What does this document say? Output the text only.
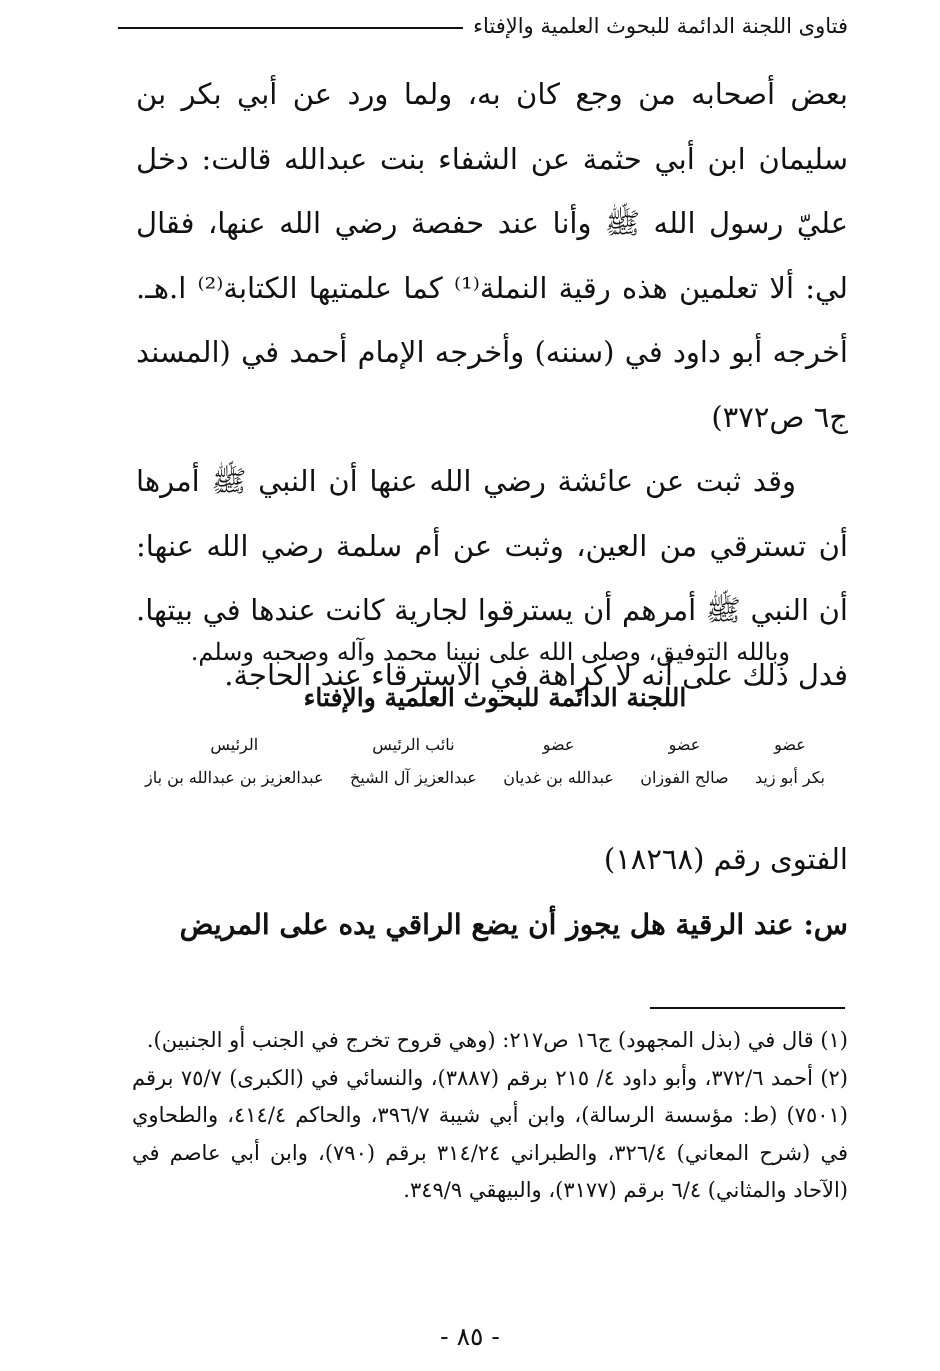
فتاوى اللجنة الدائمة للبحوث العلمية والإفتاء

بعض أصحابه من وجع كان به، ولما ورد عن أبي بكر بن سليمان ابن أبي حثمة عن الشفاء بنت عبدالله قالت: دخل عليّ رسول الله ﷺ وأنا عند حفصة رضي الله عنها، فقال لي: ألا تعلمين هذه رقية النملة⁽¹⁾ كما علمتيها الكتابة⁽²⁾ ا.هـ. أخرجه أبو داود في (سننه) وأخرجه الإمام أحمد في (المسند ج٦ ص٣٧٢)

وقد ثبت عن عائشة رضي الله عنها أن النبي ﷺ أمرها أن تسترقي من العين، وثبت عن أم سلمة رضي الله عنها: أن النبي ﷺ أمرهم أن يسترقوا لجارية كانت عندها في بيتها. فدل ذلك على أنه لا كراهة في الاسترقاء عند الحاجة.

وبالله التوفيق، وصلى الله على نبينا محمد وآله وصحبه وسلم.
اللجنة الدائمة للبحوث العلمية والإفتاء
عضو
بكر أبو زيد
عضو
صالح الفوزان
عضو
عبدالله بن غديان
نائب الرئيس
عبدالعزيز آل الشيخ
الرئيس
عبدالعزيز بن عبدالله بن باز
الفتوى رقم (١٨٢٦٨)
س: عند الرقية هل يجوز أن يضع الراقي يده على المريض

(١) قال في (بذل المجهود) ج١٦ ص٢١٧: (وهي قروح تخرج في الجنب أو الجنبين).

(٢) أحمد ٣٧٢/٦، وأبو داود ٤/ ٢١٥ برقم (٣٨٨٧)، والنسائي في (الكبرى) ٧٥/٧ برقم (٧٥٠١) (ط: مؤسسة الرسالة)، وابن أبي شيبة ٣٩٦/٧، والحاكم ٤١٤/٤، والطحاوي في (شرح المعاني) ٣٢٦/٤، والطبراني ٣١٤/٢٤ برقم (٧٩٠)، وابن أبي عاصم في (الآحاد والمثاني) ٦/٤ برقم (٣١٧٧)، والبيهقي ٣٤٩/٩.

- ٨٥ -
